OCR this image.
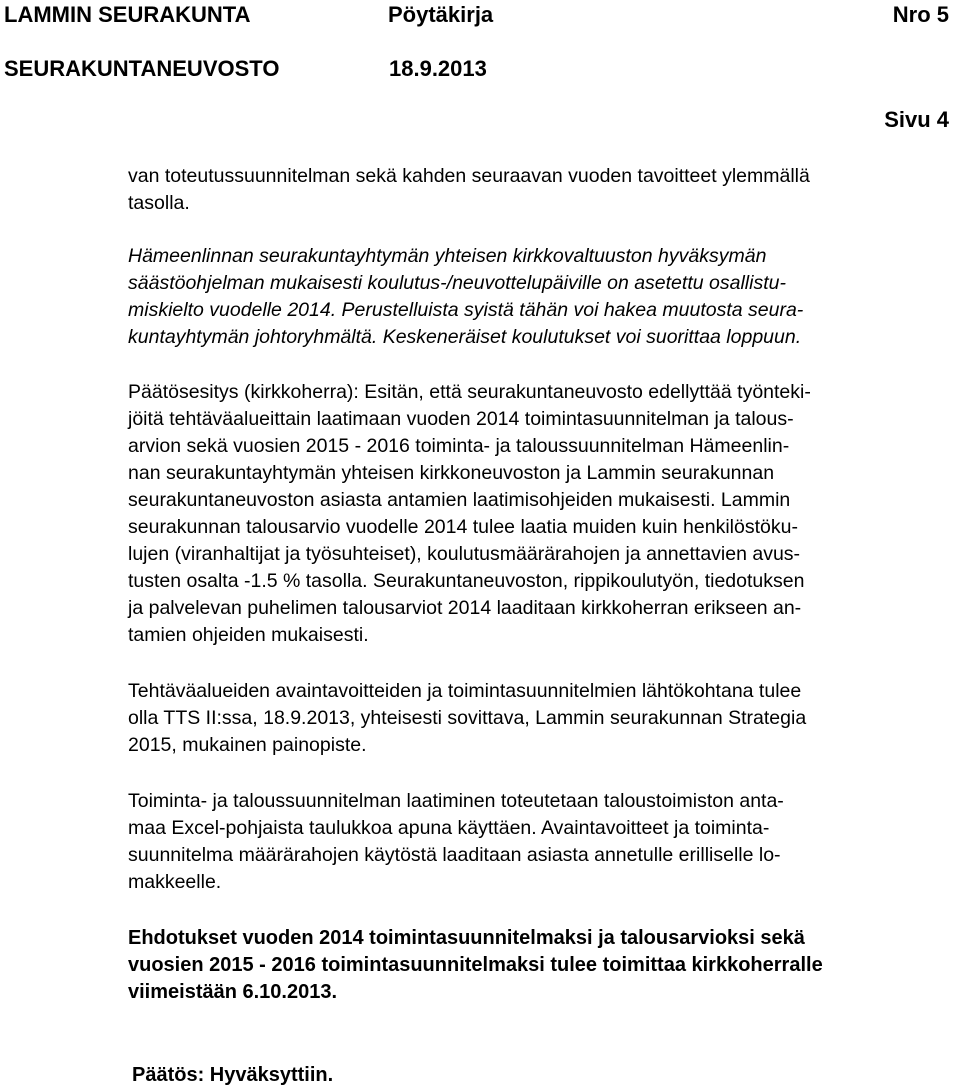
LAMMIN SEURAKUNTA	Pöytäkirja	Nro 5
SEURAKUNTANEUVOSTO	18.9.2013
Sivu 4
van toteutussuunnitelman sekä kahden seuraavan vuoden tavoitteet ylemmällä
tasolla.
Hämeenlinnan seurakuntayhtymän yhteisen kirkkovaltuuston hyväksymän
säästöohjelman mukaisesti koulutus-/neuvottelupäiville on asetettu osallistu-
miskielto vuodelle 2014. Perustelluista syistä tähän voi hakea muutosta seura-
kuntayhtymän johtoryhmältä. Keskeneräiset koulutukset voi suorittaa loppuun.
Päätösesitys (kirkkoherra): Esitän, että seurakuntaneuvosto edellyttää työnteki-
jöitä tehtäväalueittain laatimaan vuoden 2014 toimintasuunnitelman ja talous-
arvion sekä vuosien 2015 - 2016 toiminta- ja taloussuunnitelman Hämeenlin-
nan seurakuntayhtymän yhteisen kirkkoneuvoston ja Lammin seurakunnan
seurakuntaneuvoston asiasta antamien laatimisohjeiden mukaisesti. Lammin
seurakunnan talousarvio vuodelle 2014 tulee laatia muiden kuin henkilöstöku-
lujen (viranhaltijat ja työsuhteiset), koulutusmäärärahojen ja annettavien avus-
tusten osalta -1.5 % tasolla. Seurakuntaneuvoston, rippikoulutyön, tiedotuksen
ja palvelevan puhelimen talousarviot 2014 laaditaan kirkkoherran erikseen an-
tamien ohjeiden mukaisesti.
Tehtäväalueiden avaintavoitteiden ja toimintasuunnitelmien lähtökohtana tulee
olla TTS II:ssa, 18.9.2013, yhteisesti sovittava, Lammin seurakunnan Strategia
2015, mukainen painopiste.
Toiminta- ja taloussuunnitelman laatiminen toteutetaan taloustoimiston anta-
maa Excel-pohjaista taulukkoa apuna käyttäen. Avaintavoitteet ja toiminta-
suunnitelma määrärahojen käytöstä laaditaan asiasta annetulle erilliselle lo-
makkeelle.
Ehdotukset vuoden 2014 toimintasuunnitelmaksi ja talousarvioksi sekä
vuosien 2015 - 2016 toimintasuunnitelmaksi tulee toimittaa kirkkoherralle
viimeistään 6.10.2013.
Päätös: Hyväksyttiin.
